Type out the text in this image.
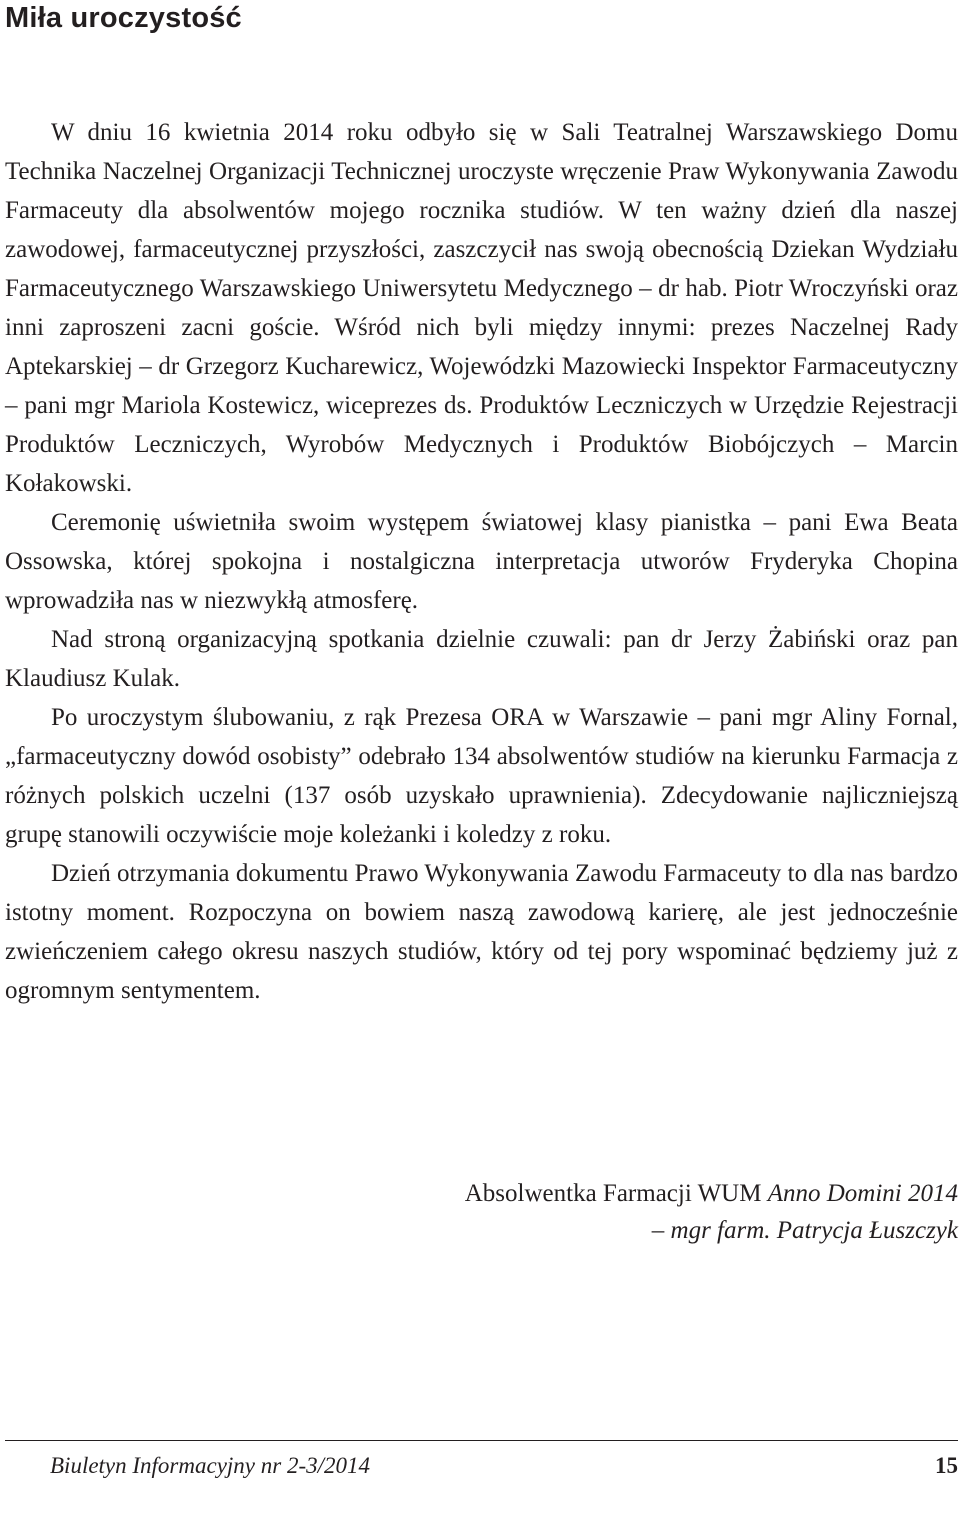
Miła uroczystość

W dniu 16 kwietnia 2014 roku odbyło się w Sali Teatralnej Warszawskiego Domu Technika Naczelnej Organizacji Technicznej uroczyste wręczenie Praw Wykonywania Zawodu Farmaceuty dla absolwentów mojego rocznika studiów. W ten ważny dzień dla naszej zawodowej, farmaceutycznej przyszłości, zaszczycił nas swoją obecnością Dziekan Wydziału Farmaceutycznego Warszawskiego Uniwersytetu Medycznego – dr hab. Piotr Wroczyński oraz inni zaproszeni zacni goście. Wśród nich byli między innymi: prezes Naczelnej Rady Aptekarskiej – dr Grzegorz Kucharewicz, Wojewódzki Mazowiecki Inspektor Farmaceutyczny – pani mgr Mariola Kostewicz, wiceprezes ds. Produktów Leczniczych w Urzędzie Rejestracji Produktów Leczniczych, Wyrobów Medycznych i Produktów Biobójczych – Marcin Kołakowski.

Ceremonię uświetniła swoim występem światowej klasy pianistka – pani Ewa Beata Ossowska, której spokojna i nostalgiczna interpretacja utworów Fryderyka Chopina wprowadziła nas w niezwykłą atmosferę.

Nad stroną organizacyjną spotkania dzielnie czuwali: pan dr Jerzy Żabiński oraz pan Klaudiusz Kulak.

Po uroczystym ślubowaniu, z rąk Prezesa ORA w Warszawie – pani mgr Aliny Fornal, „farmaceutyczny dowód osobisty” odebrało 134 absolwentów studiów na kierunku Farmacja z różnych polskich uczelni (137 osób uzyskało uprawnienia). Zdecydowanie najliczniejszą grupę stanowili oczywiście moje koleżanki i koledzy z roku.

Dzień otrzymania dokumentu Prawo Wykonywania Zawodu Farmaceuty to dla nas bardzo istotny moment. Rozpoczyna on bowiem naszą zawodową karierę, ale jest jednocześnie zwieńczeniem całego okresu naszych studiów, który od tej pory wspominać będziemy już z ogromnym sentymentem.

Absolwentka Farmacji WUM Anno Domini 2014
– mgr farm. Patrycja Łuszczyk
Biuletyn Informacyjny nr 2-3/2014	15
